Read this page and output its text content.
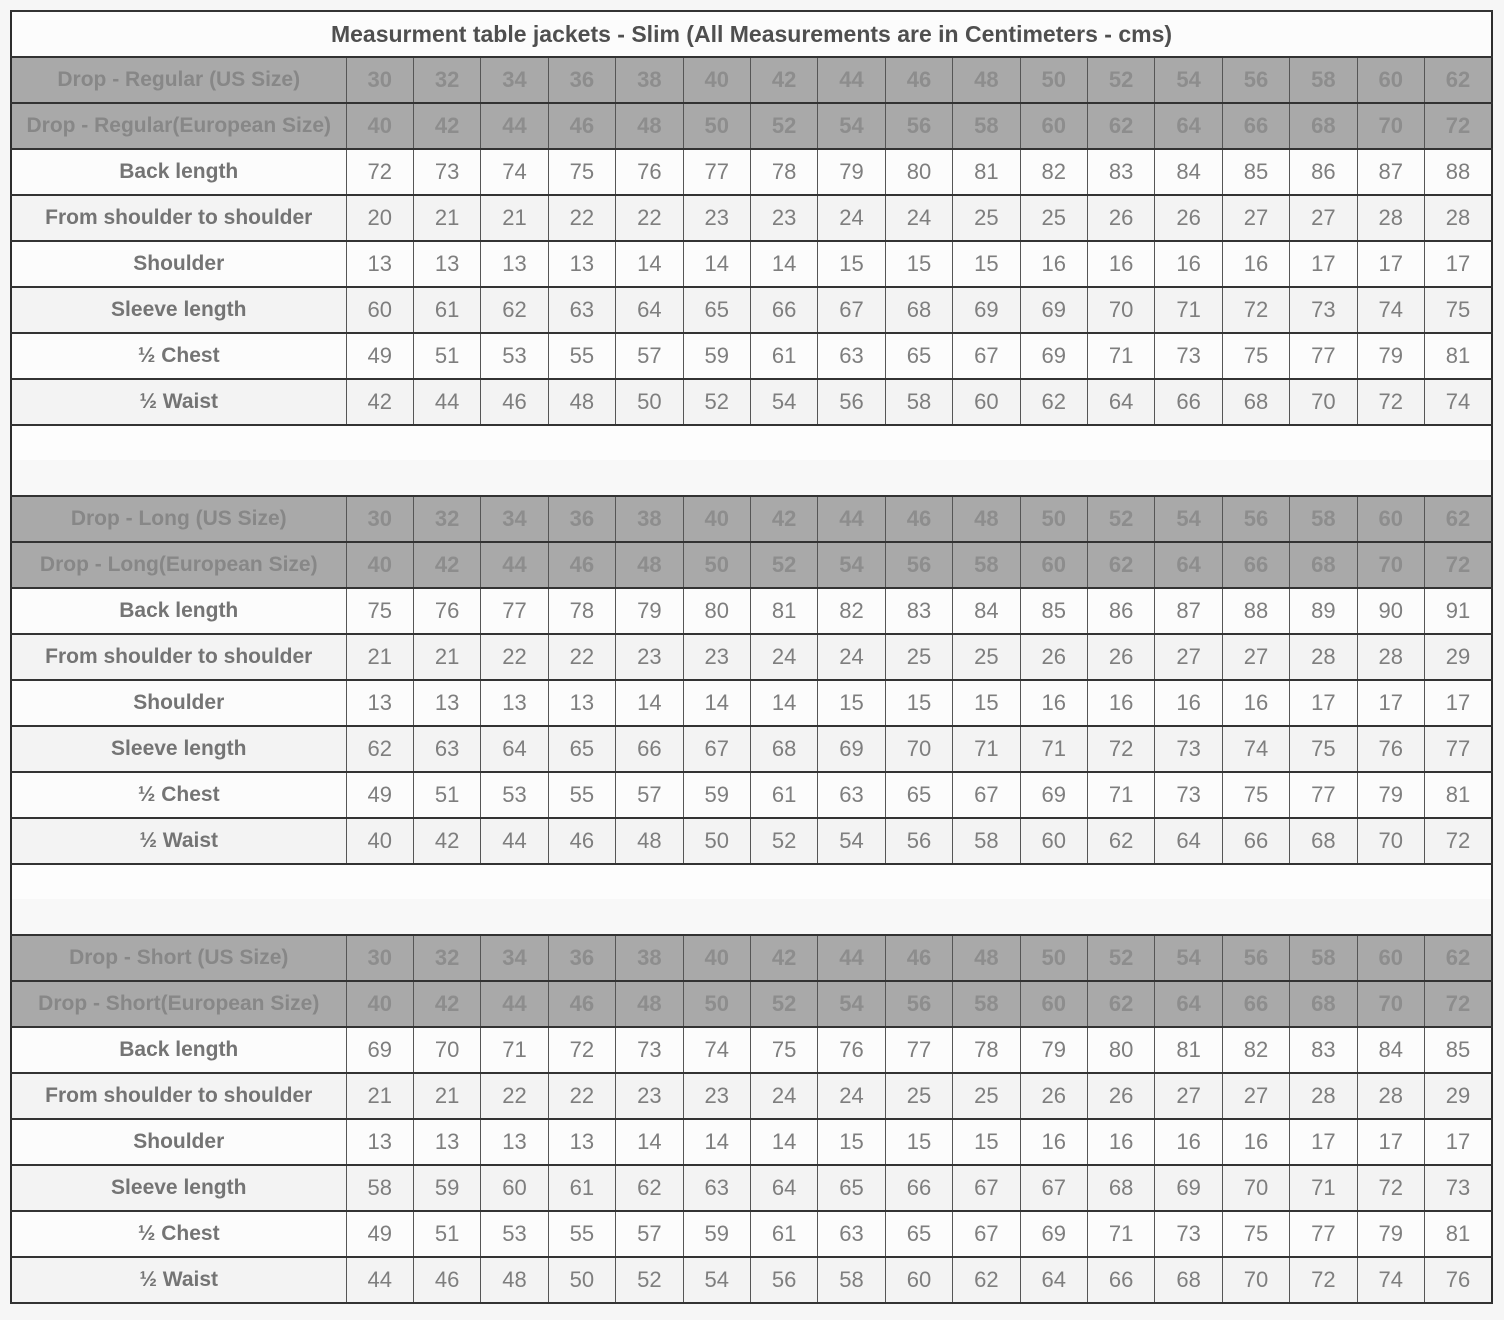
Measurment table jackets - Slim (All Measurements are in Centimeters - cms)																	
Drop - Regular (US Size)	30	32	34	36	38	40	42	44	46	48	50	52	54	56	58	60	62
Drop - Regular(European Size)	40	42	44	46	48	50	52	54	56	58	60	62	64	66	68	70	72
Back length	72	73	74	75	76	77	78	79	80	81	82	83	84	85	86	87	88
From shoulder to shoulder	20	21	21	22	22	23	23	24	24	25	25	26	26	27	27	28	28
Shoulder	13	13	13	13	14	14	14	15	15	15	16	16	16	16	17	17	17
Sleeve length	60	61	62	63	64	65	66	67	68	69	69	70	71	72	73	74	75
½ Chest	49	51	53	55	57	59	61	63	65	67	69	71	73	75	77	79	81
½ Waist	42	44	46	48	50	52	54	56	58	60	62	64	66	68	70	72	74

Drop - Long (US Size)	30	32	34	36	38	40	42	44	46	48	50	52	54	56	58	60	62
Drop - Long(European Size)	40	42	44	46	48	50	52	54	56	58	60	62	64	66	68	70	72
Back length	75	76	77	78	79	80	81	82	83	84	85	86	87	88	89	90	91
From shoulder to shoulder	21	21	22	22	23	23	24	24	25	25	26	26	27	27	28	28	29
Shoulder	13	13	13	13	14	14	14	15	15	15	16	16	16	16	17	17	17
Sleeve length	62	63	64	65	66	67	68	69	70	71	71	72	73	74	75	76	77
½ Chest	49	51	53	55	57	59	61	63	65	67	69	71	73	75	77	79	81
½ Waist	40	42	44	46	48	50	52	54	56	58	60	62	64	66	68	70	72

Drop - Short (US Size)	30	32	34	36	38	40	42	44	46	48	50	52	54	56	58	60	62
Drop - Short(European Size)	40	42	44	46	48	50	52	54	56	58	60	62	64	66	68	70	72
Back length	69	70	71	72	73	74	75	76	77	78	79	80	81	82	83	84	85
From shoulder to shoulder	21	21	22	22	23	23	24	24	25	25	26	26	27	27	28	28	29
Shoulder	13	13	13	13	14	14	14	15	15	15	16	16	16	16	17	17	17
Sleeve length	58	59	60	61	62	63	64	65	66	67	67	68	69	70	71	72	73
½ Chest	49	51	53	55	57	59	61	63	65	67	69	71	73	75	77	79	81
½ Waist	44	46	48	50	52	54	56	58	60	62	64	66	68	70	72	74	76
